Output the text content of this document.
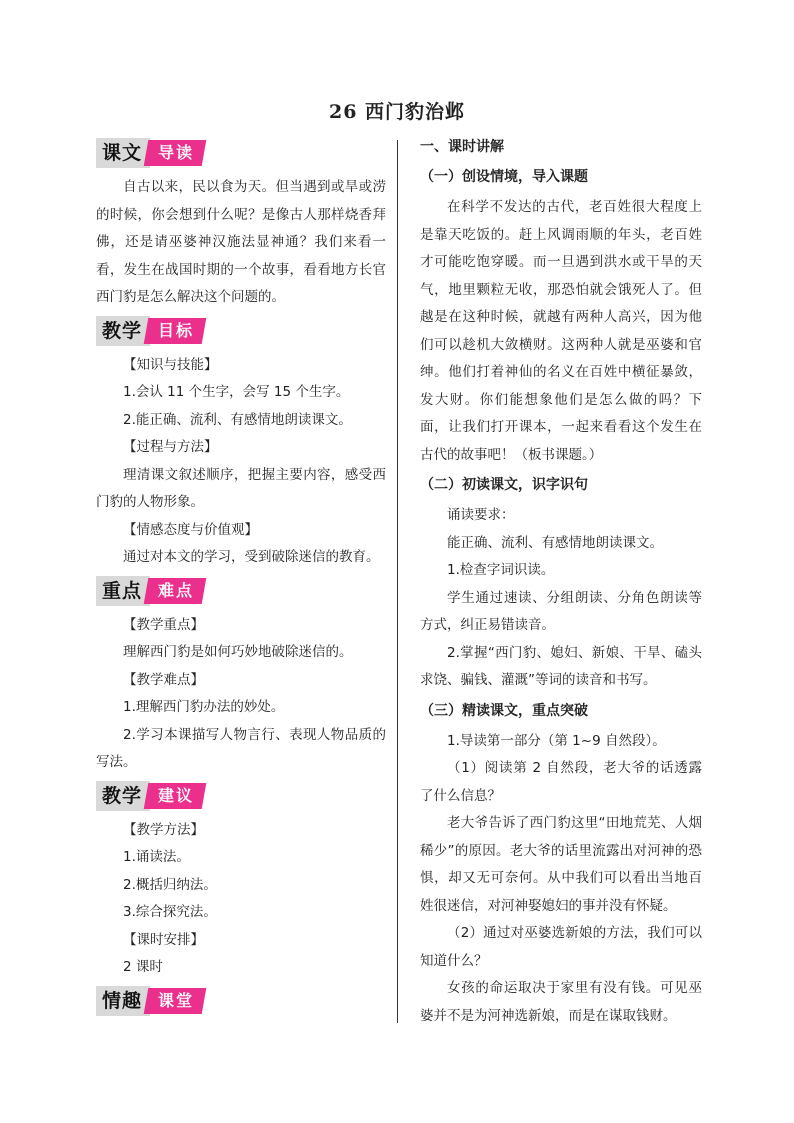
26 西门豹治邺
课文	导读

自古以来，民以食为天。但当遇到或旱或涝的时候，你会想到什么呢？是像古人那样烧香拜佛，还是请巫婆神汉施法显神通？我们来看一看，发生在战国时期的一个故事，看看地方长官西门豹是怎么解决这个问题的。

教学	目标

【知识与技能】

1.会认 11 个生字，会写 15 个生字。

2.能正确、流利、有感情地朗读课文。

【过程与方法】

理清课文叙述顺序，把握主要内容，感受西门豹的人物形象。

【情感态度与价值观】

通过对本文的学习，受到破除迷信的教育。

重点	难点

【教学重点】

理解西门豹是如何巧妙地破除迷信的。

【教学难点】

1.理解西门豹办法的妙处。

2.学习本课描写人物言行、表现人物品质的写法。

教学	建议

【教学方法】

1.诵读法。

2.概括归纳法。

3.综合探究法。

【课时安排】

2 课时

情趣	课堂

一、课时讲解

（一）创设情境，导入课题

在科学不发达的古代，老百姓很大程度上是靠天吃饭的。赶上风调雨顺的年头，老百姓才可能吃饱穿暖。而一旦遇到洪水或干旱的天气，地里颗粒无收，那恐怕就会饿死人了。但越是在这种时候，就越有两种人高兴，因为他们可以趁机大敛横财。这两种人就是巫婆和官绅。他们打着神仙的名义在百姓中横征暴敛，发大财。你们能想象他们是怎么做的吗？下面，让我们打开课本，一起来看看这个发生在古代的故事吧！（板书课题。）

（二）初读课文，识字识句

诵读要求：

能正确、流利、有感情地朗读课文。

1.检查字词识读。

学生通过速读、分组朗读、分角色朗读等方式，纠正易错读音。

2.掌握“西门豹、媳妇、新娘、干旱、磕头求饶、骗钱、灌溉”等词的读音和书写。

（三）精读课文，重点突破

1.导读第一部分（第 1~9 自然段）。

（1）阅读第 2 自然段，老大爷的话透露了什么信息？

老大爷告诉了西门豹这里“田地荒芜、人烟稀少”的原因。老大爷的话里流露出对河神的恐惧，却又无可奈何。从中我们可以看出当地百姓很迷信，对河神娶媳妇的事并没有怀疑。

（2）通过对巫婆选新娘的方法，我们可以知道什么？

女孩的命运取决于家里有没有钱。可见巫婆并不是为河神选新娘，而是在谋取钱财。
